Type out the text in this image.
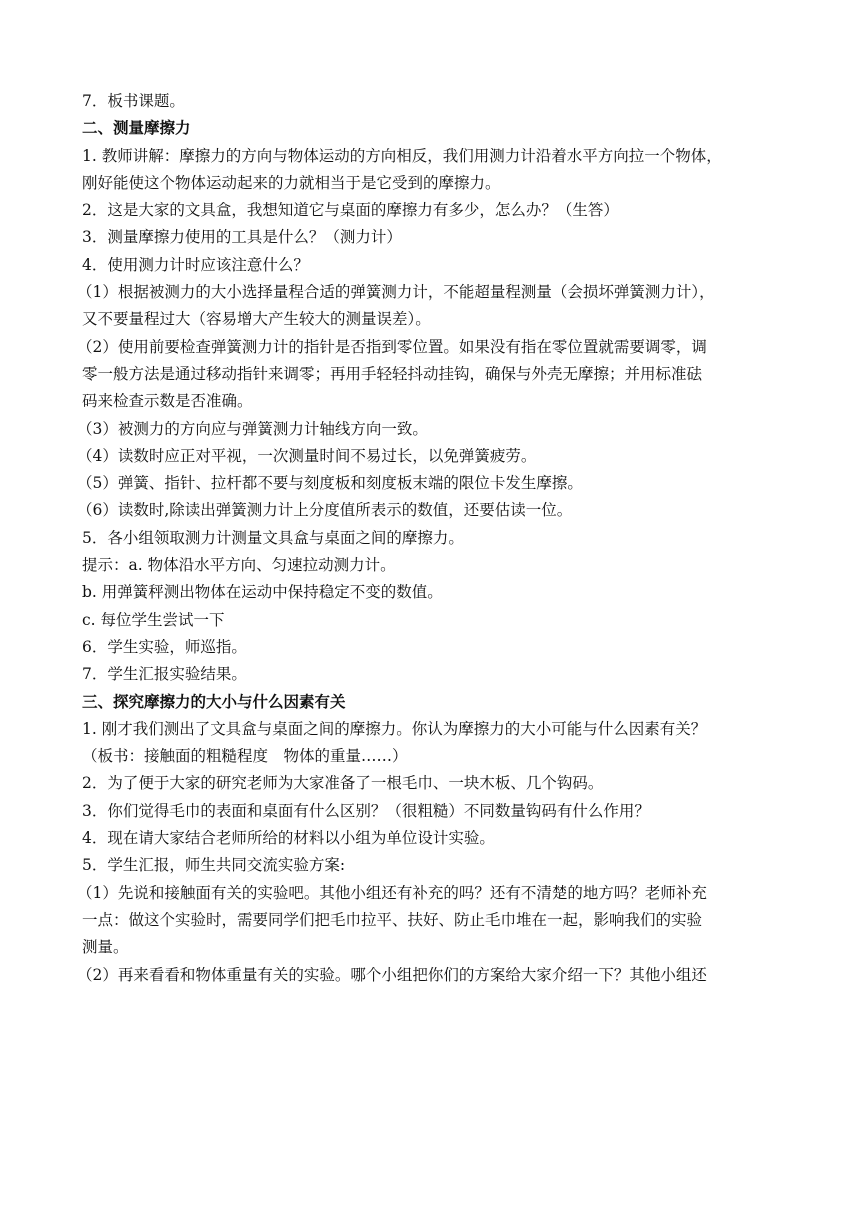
7．板书课题。
二、测量摩擦力
1. 教师讲解：摩擦力的方向与物体运动的方向相反，我们用测力计沿着水平方向拉一个物体，
刚好能使这个物体运动起来的力就相当于是它受到的摩擦力。
2．这是大家的文具盒，我想知道它与桌面的摩擦力有多少，怎么办？（生答）
3．测量摩擦力使用的工具是什么？（测力计）
4．使用测力计时应该注意什么？
（1）根据被测力的大小选择量程合适的弹簧测力计，不能超量程测量（会损坏弹簧测力计），
又不要量程过大（容易增大产生较大的测量误差）。
（2）使用前要检查弹簧测力计的指针是否指到零位置。如果没有指在零位置就需要调零，调
零一般方法是通过移动指针来调零；再用手轻轻抖动挂钩，确保与外壳无摩擦；并用标准砝
码来检查示数是否准确。
（3）被测力的方向应与弹簧测力计轴线方向一致。
（4）读数时应正对平视，一次测量时间不易过长，以免弹簧疲劳。
（5）弹簧、指针、拉杆都不要与刻度板和刻度板末端的限位卡发生摩擦。
（6）读数时,除读出弹簧测力计上分度值所表示的数值，还要估读一位。
5．各小组领取测力计测量文具盒与桌面之间的摩擦力。
提示：a. 物体沿水平方向、匀速拉动测力计。
b. 用弹簧秤测出物体在运动中保持稳定不变的数值。
c. 每位学生尝试一下
6．学生实验，师巡指。
7．学生汇报实验结果。
三、探究摩擦力的大小与什么因素有关
1. 刚才我们测出了文具盒与桌面之间的摩擦力。你认为摩擦力的大小可能与什么因素有关？
（板书：接触面的粗糙程度　物体的重量……）
2．为了便于大家的研究老师为大家准备了一根毛巾、一块木板、几个钩码。
3．你们觉得毛巾的表面和桌面有什么区别？（很粗糙）不同数量钩码有什么作用？
4．现在请大家结合老师所给的材料以小组为单位设计实验。
5．学生汇报，师生共同交流实验方案:
（1）先说和接触面有关的实验吧。其他小组还有补充的吗？还有不清楚的地方吗？老师补充
一点：做这个实验时，需要同学们把毛巾拉平、扶好、防止毛巾堆在一起，影响我们的实验
测量。
（2）再来看看和物体重量有关的实验。哪个小组把你们的方案给大家介绍一下？其他小组还
